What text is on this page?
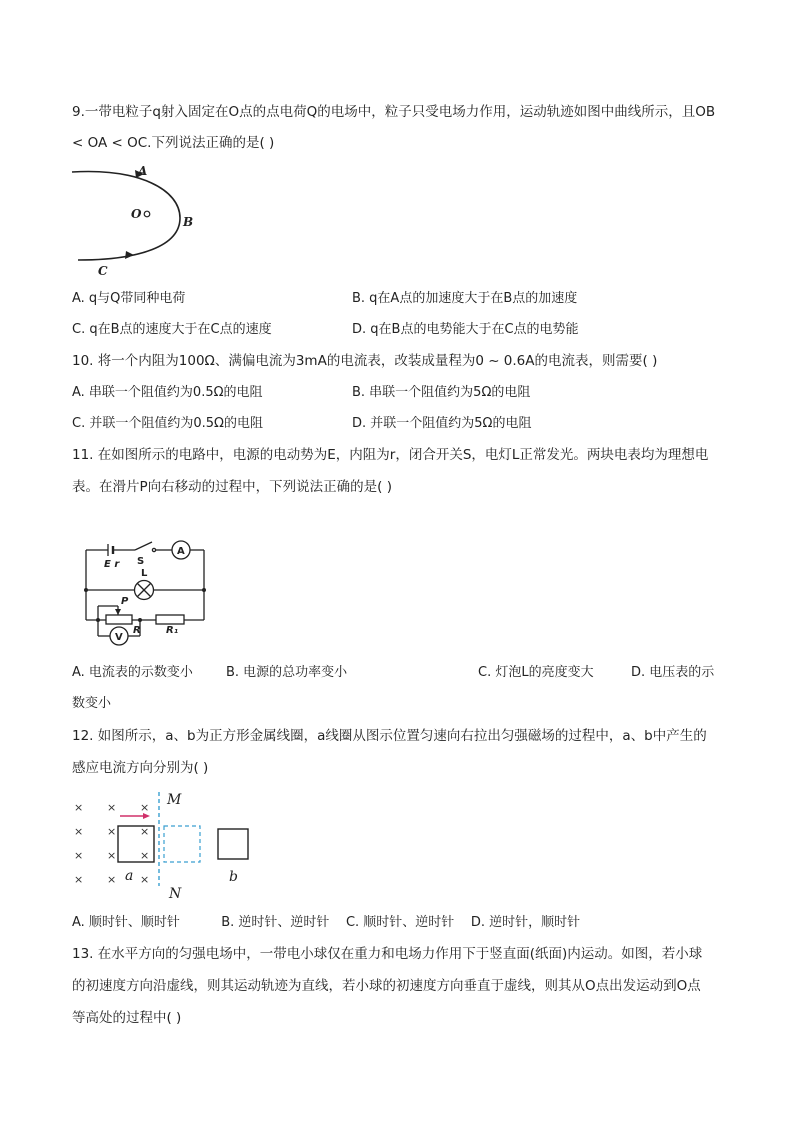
9.一带电粒子q射入固定在O点的点电荷Q的电场中，粒子只受电场力作用，运动轨迹如图中曲线所示，且OB
< OA < OC.下列说法正确的是( )
A
O
B
C
A. q与Q带同种电荷	B. q在A点的加速度大于在B点的加速度
C. q在B点的速度大于在C点的速度	D. q在B点的电势能大于在C点的电势能
10. 将一个内阻为100Ω、满偏电流为3mA的电流表，改装成量程为0 ~ 0.6A的电流表，则需要( )
A. 串联一个阻值约为0.5Ω的电阻	B. 串联一个阻值约为5Ω的电阻
C. 并联一个阻值约为0.5Ω的电阻	D. 并联一个阻值约为5Ω的电阻
11. 在如图所示的电路中，电源的电动势为E，内阻为r，闭合开关S，电灯L正常发光。两块电表均为理想电
表。在滑片P向右移动的过程中，下列说法正确的是( )
E r S
A
L
P
V
R	R₁
A. 电流表的示数变小	B. 电源的总功率变小	C. 灯泡L的亮度变大	D. 电压表的示
数变小
12. 如图所示，a、b为正方形金属线圈，a线圈从图示位置匀速向右拉出匀强磁场的过程中，a、b中产生的
感应电流方向分别为( )
× × ×
× × ×
× × ×
× × ×
M
N
a	b
A. 顺时针、顺时针          B. 逆时针、逆时针    C. 顺时针、逆时针    D. 逆时针，顺时针
13. 在水平方向的匀强电场中，一带电小球仅在重力和电场力作用下于竖直面(纸面)内运动。如图，若小球
的初速度方向沿虚线，则其运动轨迹为直线，若小球的初速度方向垂直于虚线，则其从O点出发运动到O点
等高处的过程中( )
